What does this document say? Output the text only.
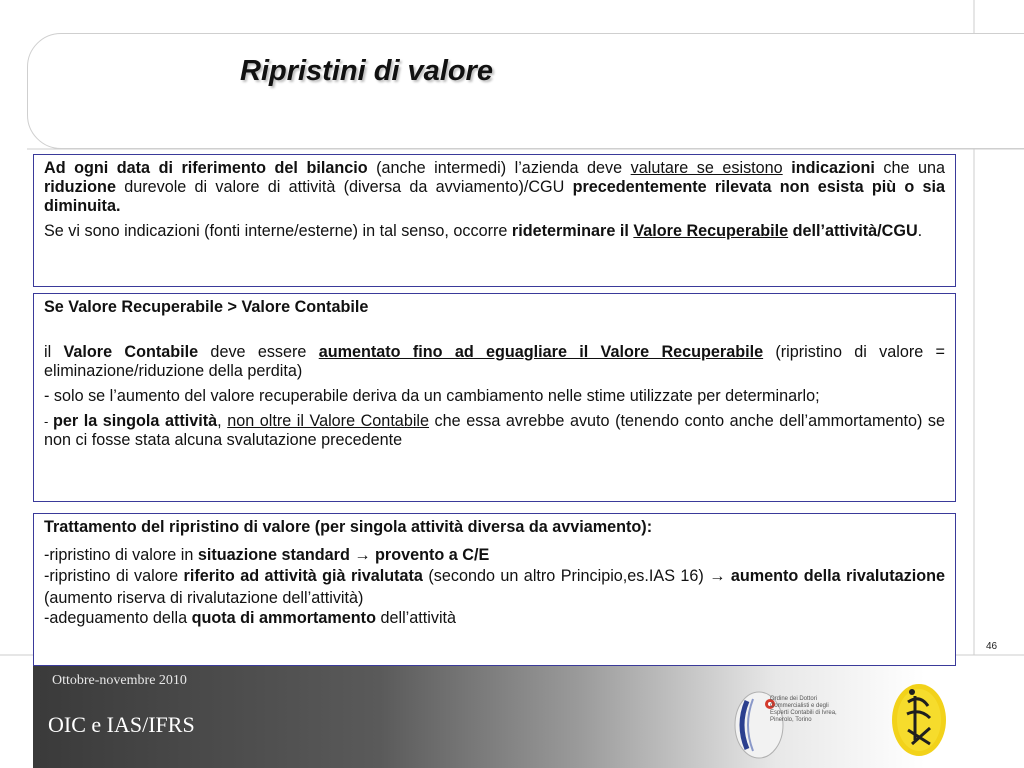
Ripristini di valore

Ad ogni data di riferimento del bilancio (anche intermedi) l’azienda deve valutare se esistono indicazioni che una riduzione durevole di valore di attività (diversa da avviamento)/CGU precedentemente rilevata non esista più o sia diminuita.

Se vi sono indicazioni (fonti interne/esterne) in tal senso, occorre rideterminare il Valore Recuperabile dell’attività/CGU.

Se Valore Recuperabile > Valore Contabile

il Valore Contabile deve essere aumentato fino ad eguagliare il Valore Recuperabile (ripristino di valore = eliminazione/riduzione della perdita)

- solo se l’aumento del valore recuperabile deriva da un cambiamento nelle stime utilizzate per determinarlo;

- per la singola attività, non oltre il Valore Contabile che essa avrebbe avuto (tenendo conto anche dell’ammortamento) se non ci fosse stata alcuna svalutazione precedente

Trattamento del ripristino di valore (per singola attività diversa da avviamento):

-ripristino di valore in situazione standard → provento a C/E

-ripristino di valore riferito ad attività già rivalutata (secondo un altro Principio,es.IAS 16) → aumento della rivalutazione (aumento riserva di rivalutazione dell’attività)

-adeguamento della quota di ammortamento dell’attività

46
Ottobre-novembre 2010
OIC e IAS/IFRS
Ordine dei Dottori Commercialisti e degli Esperti Contabili di Ivrea, Pinerolo, Torino
